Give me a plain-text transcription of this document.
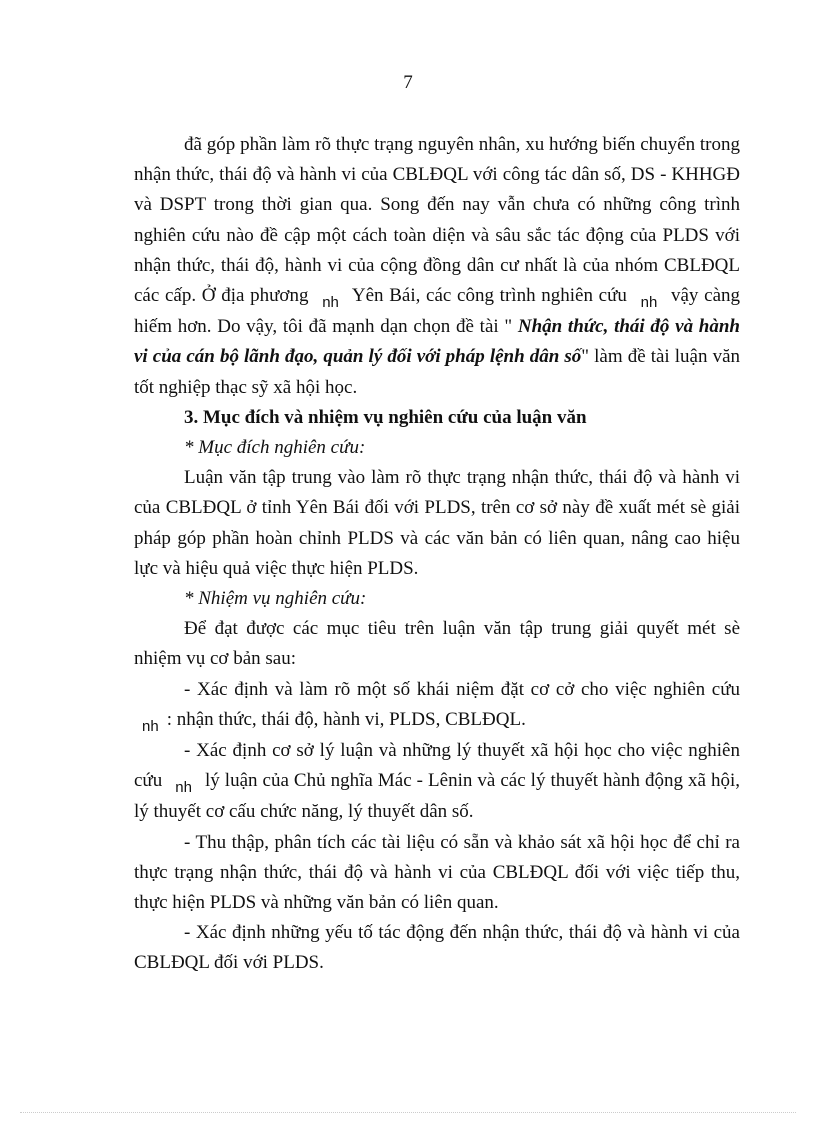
7

đã góp phần làm rõ thực trạng nguyên nhân, xu hướng biến chuyển trong nhận thức, thái độ và hành vi của CBLĐQL với công tác dân số, DS - KHHGĐ và DSPT trong thời gian qua. Song đến nay vẫn chưa có những công trình nghiên cứu nào đề cập một cách toàn diện và sâu sắc tác động của PLDS với nhận thức, thái độ, hành vi của cộng đồng dân cư nhất là của nhóm CBLĐQL các cấp. Ở địa phương $_{nh}$ Yên Bái, các công trình nghiên cứu $_{nh}$ vậy càng hiếm hơn. Do vậy, tôi đã mạnh dạn chọn đề tài " Nhận thức, thái độ và hành vi của cán bộ lãnh đạo, quản lý đối với pháp lệnh dân số" làm đề tài luận văn tốt nghiệp thạc sỹ xã hội học.

3. Mục đích và nhiệm vụ nghiên cứu của luận văn

* Mục đích nghiên cứu:

Luận văn tập trung vào làm rõ thực trạng nhận thức, thái độ và hành vi của CBLĐQL ở tỉnh Yên Bái đối với PLDS, trên cơ sở này đề xuất mét sè giải pháp góp phần hoàn chỉnh PLDS và các văn bản có liên quan, nâng cao hiệu lực và hiệu quả việc thực hiện PLDS.

* Nhiệm vụ nghiên cứu:

Để đạt được các mục tiêu trên luận văn tập trung giải quyết mét sè nhiệm vụ cơ bản sau:

- Xác định và làm rõ một số khái niệm đặt cơ cở cho việc nghiên cứu $_{nh}$ : nhận thức, thái độ, hành vi, PLDS, CBLĐQL.

- Xác định cơ sở lý luận và những lý thuyết xã hội học cho việc nghiên cứu $_{nh}$ lý luận của Chủ nghĩa Mác - Lênin và các lý thuyết hành động xã hội, lý thuyết cơ cấu chức năng, lý thuyết dân số.

- Thu thập, phân tích các tài liệu có sẵn và khảo sát xã hội học để chỉ ra thực trạng nhận thức, thái độ và hành vi của CBLĐQL đối với việc tiếp thu, thực hiện PLDS và những văn bản có liên quan.

- Xác định những yếu tố tác động đến nhận thức, thái độ và hành vi của CBLĐQL đối với PLDS.
